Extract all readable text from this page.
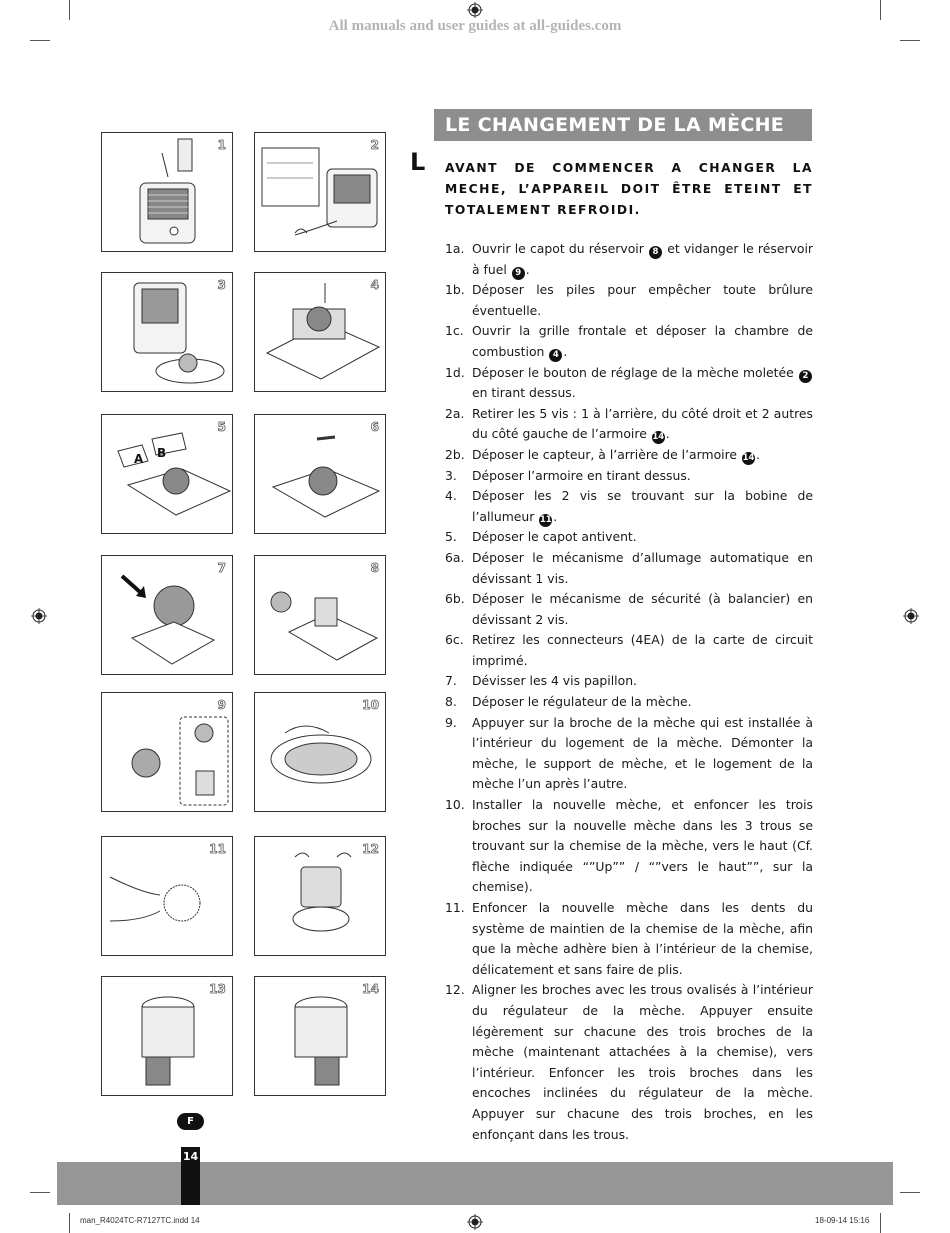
All manuals and user guides at all-guides.com
LE CHANGEMENT DE LA MÈCHE
L AVANT DE COMMENCER A CHANGER LA MECHE, L’APPAREIL DOIT ÊTRE ETEINT ET TOTALEMENT REFROIDI.
1a. Ouvrir le capot du réservoir 8 et vidanger le réservoir à fuel 9 .
1b. Déposer les piles pour empêcher toute brûlure éventuelle.
1c. Ouvrir la grille frontale et déposer la chambre de combustion 4 .
1d. Déposer le bouton de réglage de la mèche moletée 2 en tirant dessus.
2a. Retirer les 5 vis : 1 à l’arrière, du côté droit et 2 autres du côté gauche de l’armoire 14 .
2b. Déposer le capteur, à l’arrière de l’armoire 14 .
3.	Déposer l’armoire en tirant dessus.
4.	Déposer les 2 vis se trouvant sur la bobine de l’allumeur 11 .
5.	Déposer le capot antivent.
6a. Déposer le mécanisme d’allumage automatique en dévissant 1 vis.
6b. Déposer le mécanisme de sécurité (à balancier) en dévissant 2 vis.
6c. Retirez les connecteurs (4EA) de la carte de circuit imprimé.
7.	Dévisser les 4 vis papillon.
8.	Déposer le régulateur de la mèche.
9.	Appuyer sur la broche de la mèche qui est installée à l’intérieur du logement de la mèche. Démonter la mèche, le support de mèche, et le logement de la mèche l’un après l’autre.
10. Installer la nouvelle mèche, et enfoncer les trois broches sur la nouvelle mèche dans les 3 trous se trouvant sur la chemise de la mèche, vers le haut (Cf. flèche indiquée “”Up”” / “”vers le haut””, sur la chemise).
11. Enfoncer la nouvelle mèche dans les dents du système de maintien de la chemise de la mèche, afin que la mèche adhère bien à l’intérieur de la chemise, délicatement et sans faire de plis.
12. Aligner les broches avec les trous ovalisés à l’intérieur du régulateur de la mèche. Appuyer ensuite légèrement sur chacune des trois broches de la mèche (maintenant attachées à la chemise), vers l’intérieur. Enfoncer les trois broches dans les encoches inclinées du régulateur de la mèche. Appuyer sur chacune des trois broches, en les enfonçant dans les trous.
1	2
3	4
5
A B
6
7	8
9	10
11	12
13	14
F
14
man_R4024TC-R7127TC.indd 14	18-09-14 15:16
